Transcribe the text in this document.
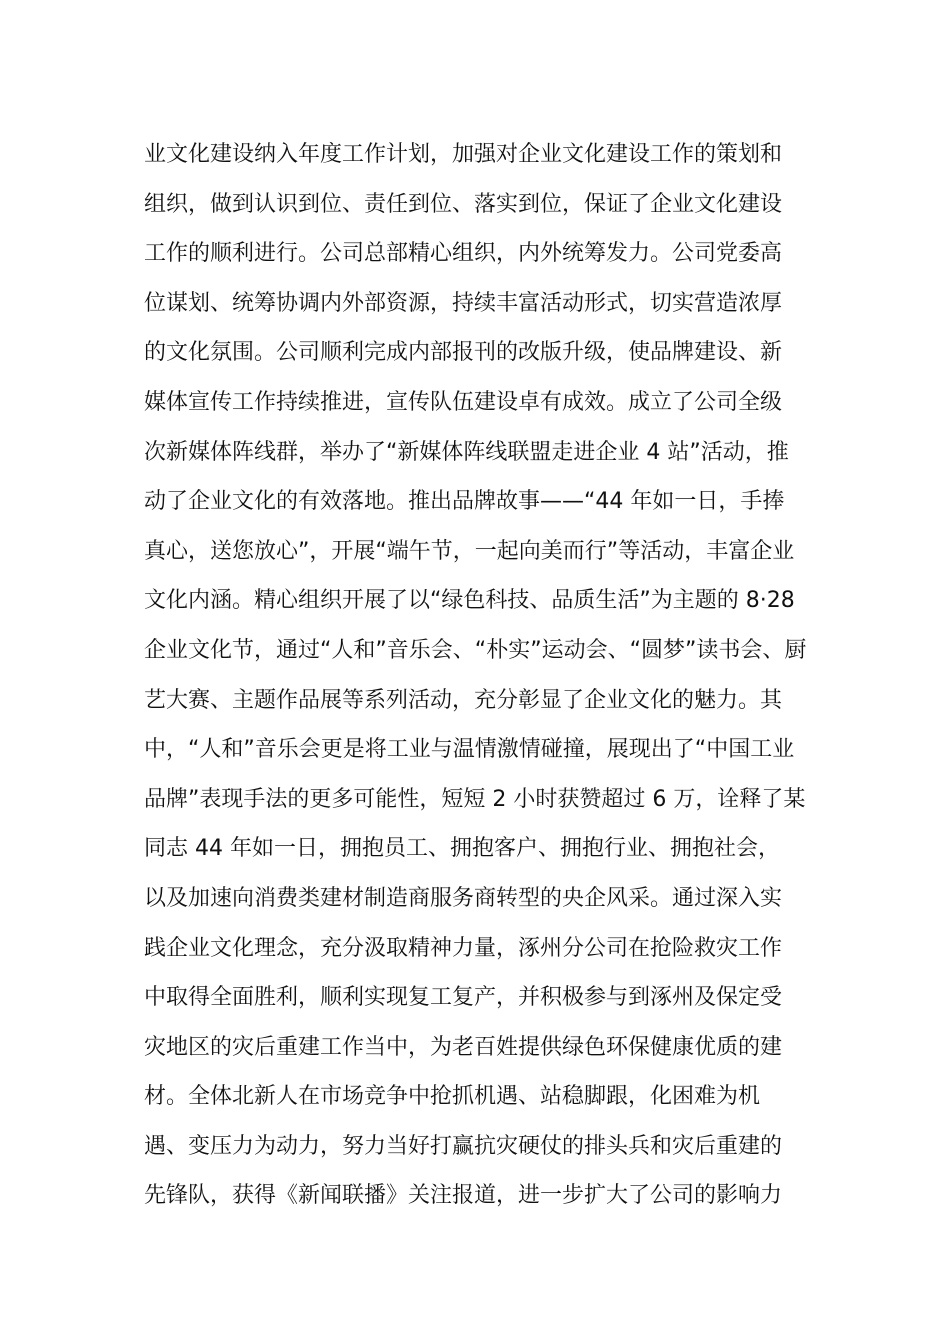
业文化建设纳入年度工作计划，加强对企业文化建设工作的策划和
组织，做到认识到位、责任到位、落实到位，保证了企业文化建设
工作的顺利进行。公司总部精心组织，内外统筹发力。公司党委高
位谋划、统筹协调内外部资源，持续丰富活动形式，切实营造浓厚
的文化氛围。公司顺利完成内部报刊的改版升级，使品牌建设、新
媒体宣传工作持续推进，宣传队伍建设卓有成效。成立了公司全级
次新媒体阵线群，举办了“新媒体阵线联盟走进企业 4 站”活动，推
动了企业文化的有效落地。推出品牌故事——“44 年如一日，手捧
真心，送您放心”，开展“端午节，一起向美而行”等活动，丰富企业
文化内涵。精心组织开展了以“绿色科技、品质生活”为主题的 8·28
企业文化节，通过“人和”音乐会、“朴实”运动会、“圆梦”读书会、厨
艺大赛、主题作品展等系列活动，充分彰显了企业文化的魅力。其
中，“人和”音乐会更是将工业与温情激情碰撞，展现出了“中国工业
品牌”表现手法的更多可能性，短短 2 小时获赞超过 6 万，诠释了某
同志 44 年如一日，拥抱员工、拥抱客户、拥抱行业、拥抱社会，
以及加速向消费类建材制造商服务商转型的央企风采。通过深入实
践企业文化理念，充分汲取精神力量，涿州分公司在抢险救灾工作
中取得全面胜利，顺利实现复工复产，并积极参与到涿州及保定受
灾地区的灾后重建工作当中，为老百姓提供绿色环保健康优质的建
材。全体北新人在市场竞争中抢抓机遇、站稳脚跟，化困难为机
遇、变压力为动力，努力当好打赢抗灾硬仗的排头兵和灾后重建的
先锋队，获得《新闻联播》关注报道，进一步扩大了公司的影响力
